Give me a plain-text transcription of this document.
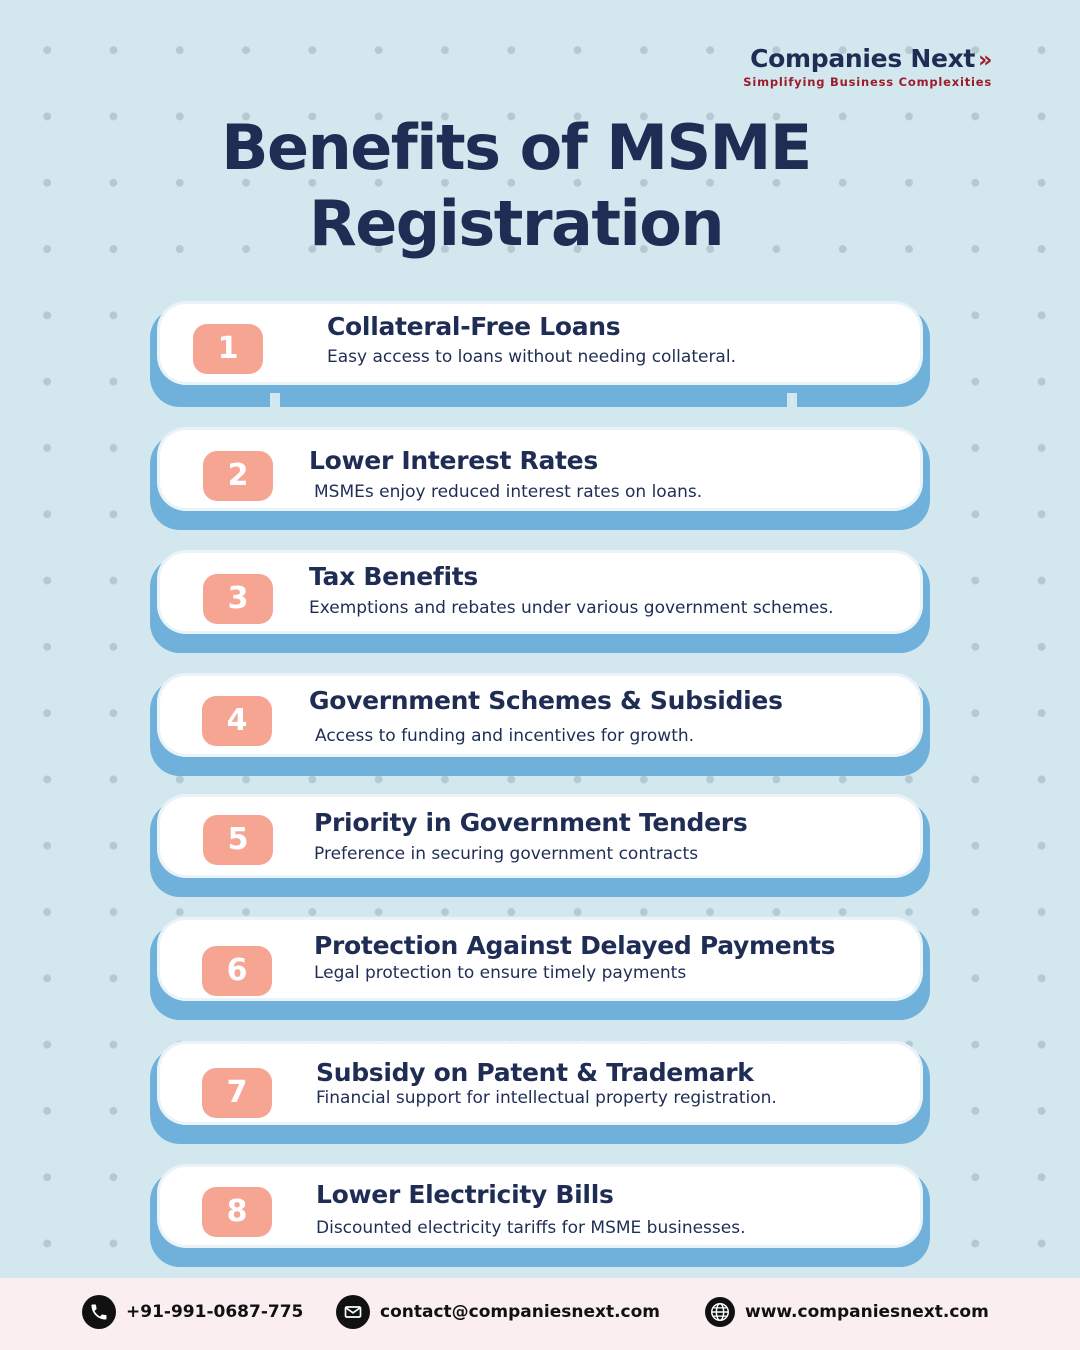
Companies Next »
Simplifying Business Complexities
Benefits of MSME
Registration
1
Collateral-Free Loans
Easy access to loans without needing collateral.
2	Lower Interest Rates
MSMEs enjoy reduced interest rates on loans.
3
Tax Benefits
Exemptions and rebates under various government schemes.
4
Government Schemes & Subsidies
Access to funding and incentives for growth.
5	Priority in Government Tenders
Preference in securing government contracts
6
Protection Against Delayed Payments
Legal protection to ensure timely payments
7
Subsidy on Patent & Trademark
Financial support for intellectual property registration.
8	Lower Electricity Bills
Discounted electricity tariffs for MSME businesses.
+91-991-0687-775	contact@companiesnext.com	www.companiesnext.com
